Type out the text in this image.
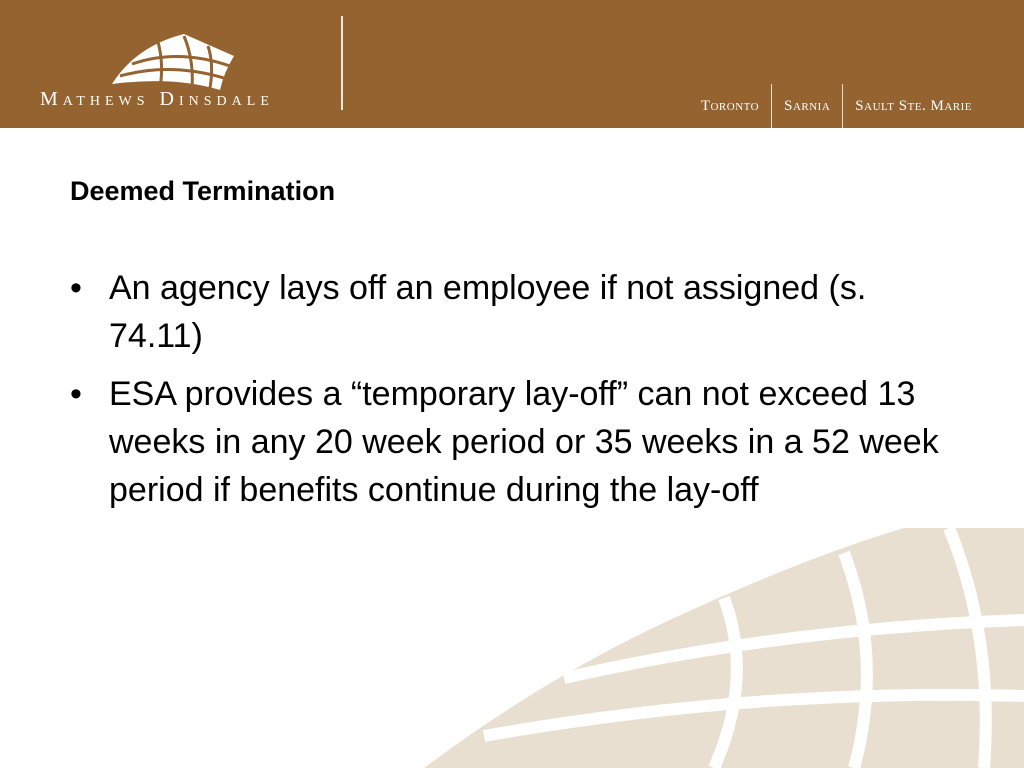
Mathews Dinsdale	Toronto	Sarnia	Sault Ste. Marie
Deemed Termination
• An agency lays off an employee if not assigned (s. 74.11)
• ESA provides a “temporary lay-off” can not exceed 13 weeks in any 20 week period or 35 weeks in a 52 week period if benefits continue during the lay-off
